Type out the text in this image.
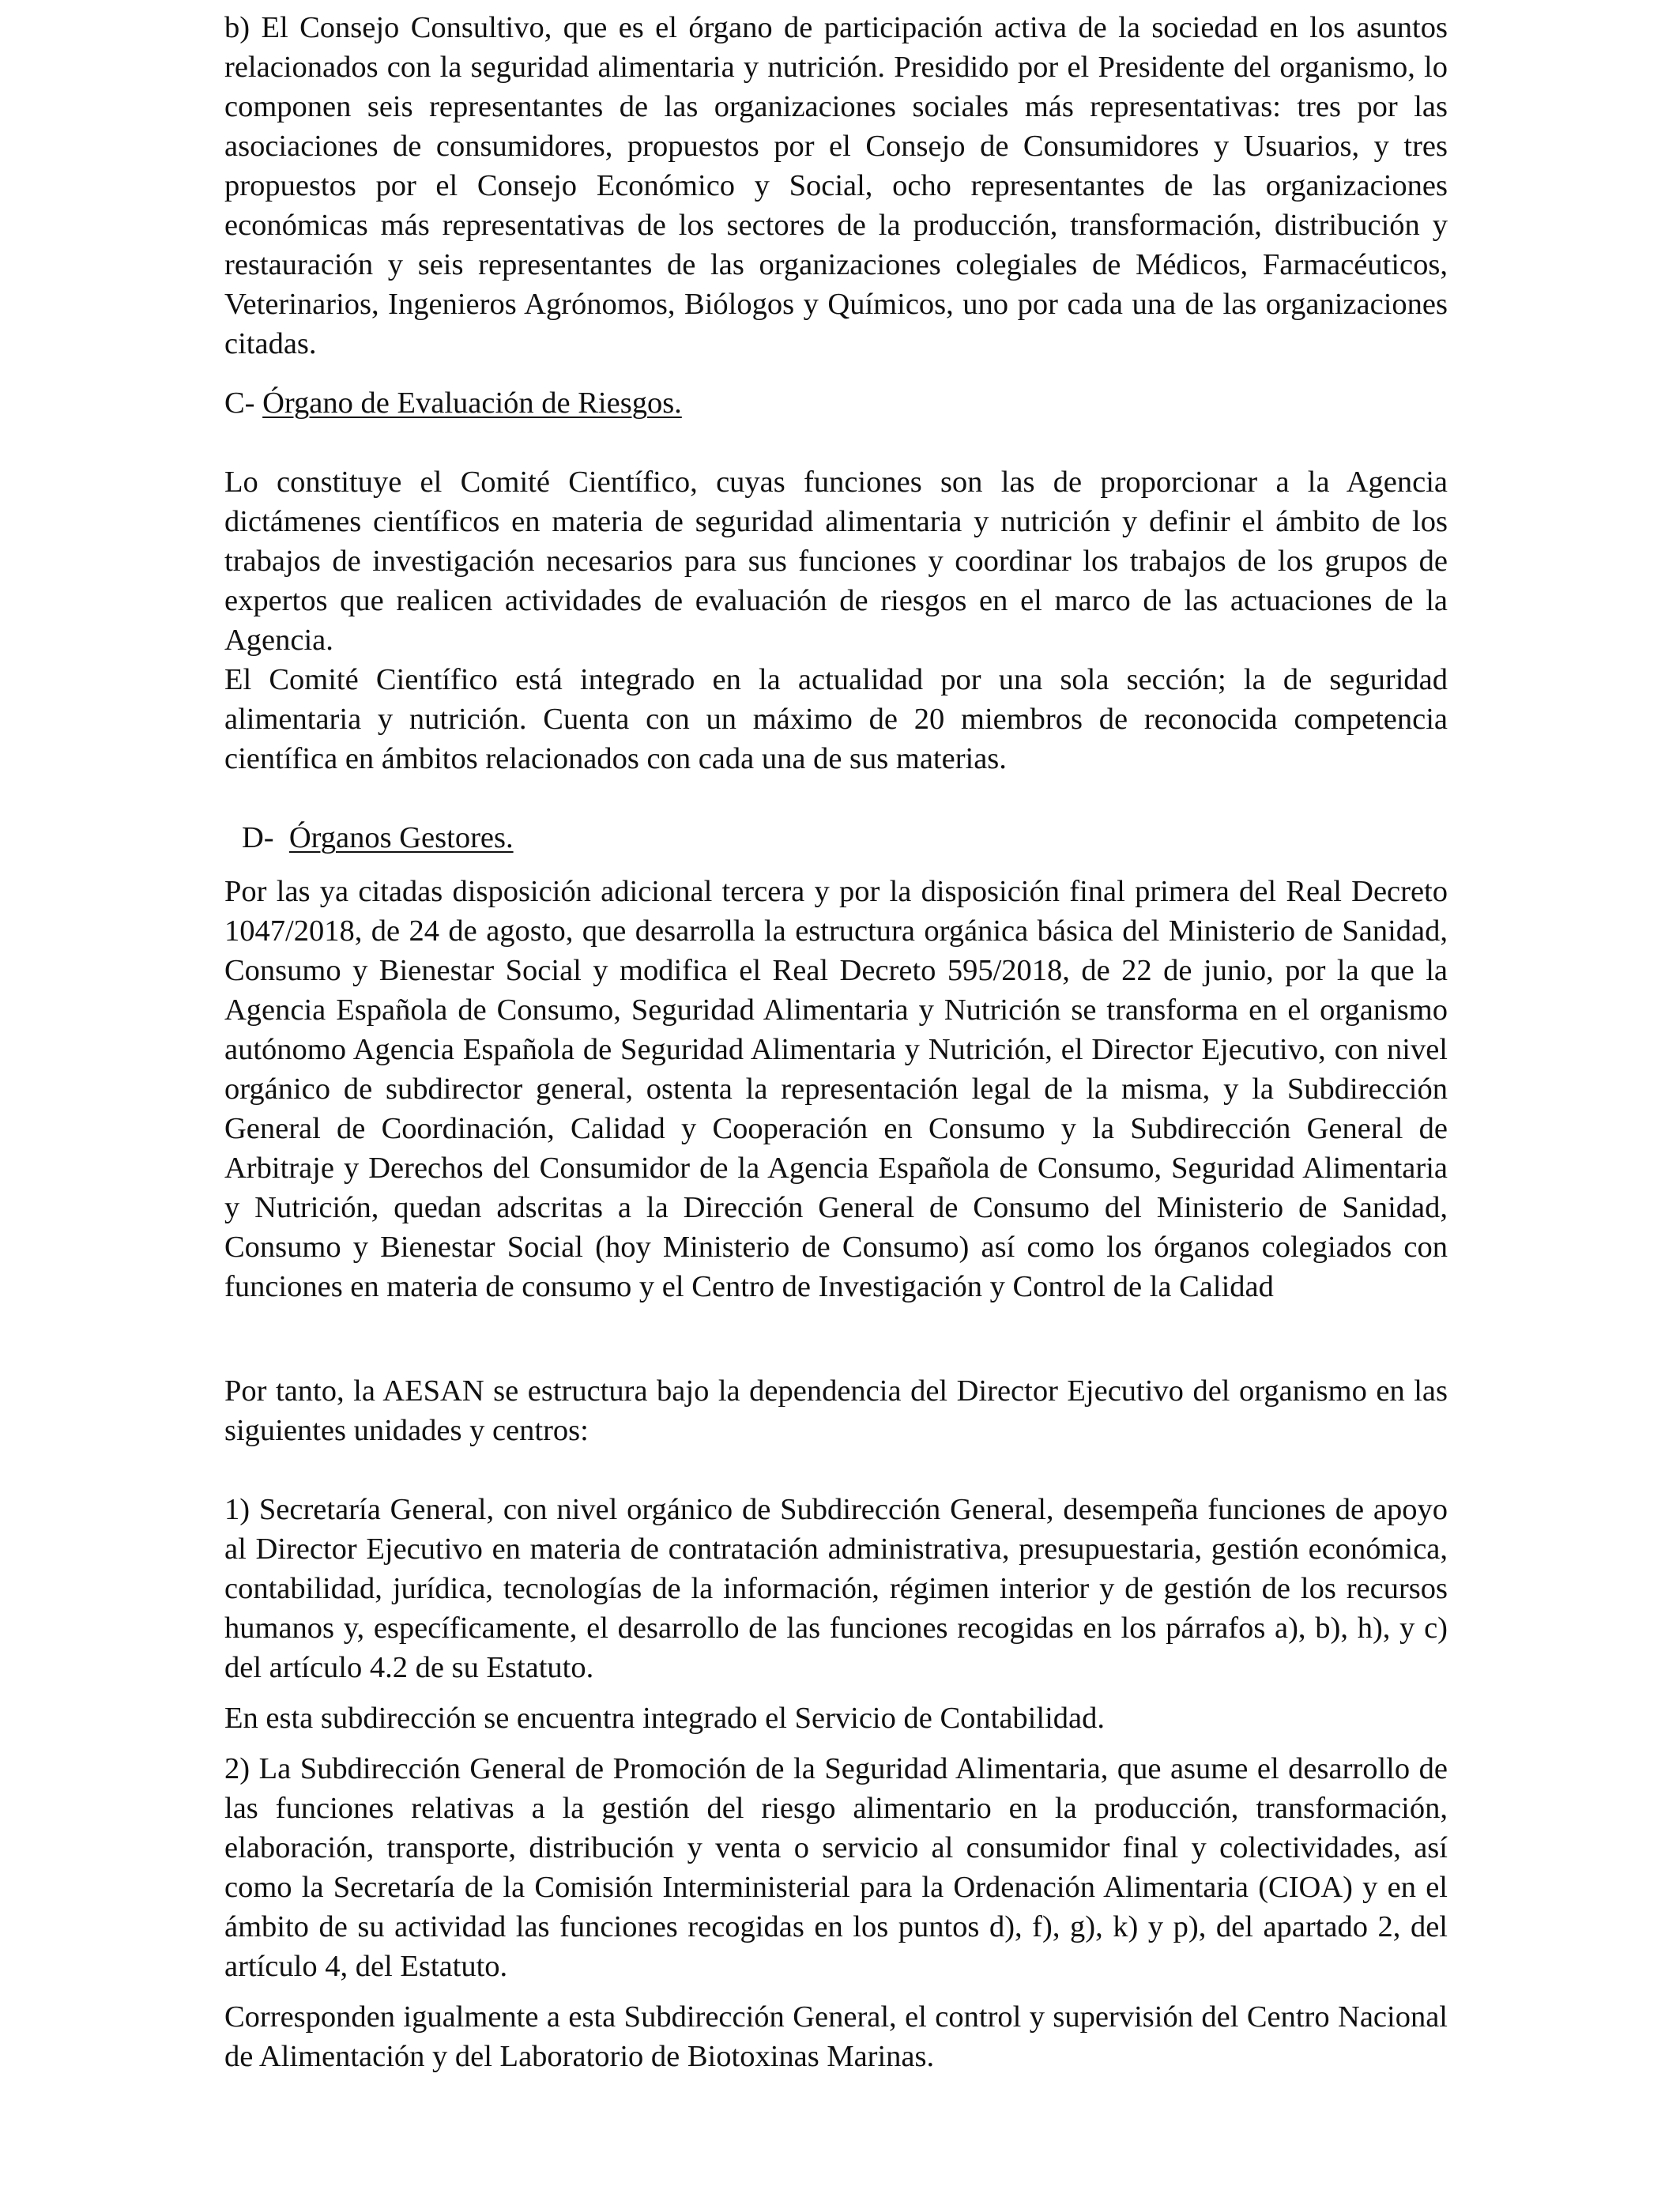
b) El Consejo Consultivo, que es el órgano de participación activa de la sociedad en los asuntos relacionados con la seguridad alimentaria y nutrición. Presidido por el Presidente del organismo, lo componen seis representantes de las organizaciones sociales más representativas: tres por las asociaciones de consumidores, propuestos por el Consejo de Consumidores y Usuarios, y tres propuestos por el Consejo Económico y Social, ocho representantes de las organizaciones económicas más representativas de los sectores de la producción, transformación, distribución y restauración y seis representantes de las organizaciones colegiales de Médicos, Farmacéuticos, Veterinarios, Ingenieros Agrónomos, Biólogos y Químicos, uno por cada una de las organizaciones citadas.

C- Órgano de Evaluación de Riesgos.

Lo constituye el Comité Científico, cuyas funciones son las de proporcionar a la Agencia dictámenes científicos en materia de seguridad alimentaria y nutrición y definir el ámbito de los trabajos de investigación necesarios para sus funciones y coordinar los trabajos de los grupos de expertos que realicen actividades de evaluación de riesgos en el marco de las actuaciones de la Agencia.

El Comité Científico está integrado en la actualidad por una sola sección; la de seguridad alimentaria y nutrición. Cuenta con un máximo de 20 miembros de reconocida competencia científica en ámbitos relacionados con cada una de sus materias.

D- Órganos Gestores.

Por las ya citadas disposición adicional tercera y por la disposición final primera del Real Decreto 1047/2018, de 24 de agosto, que desarrolla la estructura orgánica básica del Ministerio de Sanidad, Consumo y Bienestar Social y modifica el Real Decreto 595/2018, de 22 de junio, por la que la Agencia Española de Consumo, Seguridad Alimentaria y Nutrición se transforma en el organismo autónomo Agencia Española de Seguridad Alimentaria y Nutrición, el Director Ejecutivo, con nivel orgánico de subdirector general, ostenta la representación legal de la misma, y la Subdirección General de Coordinación, Calidad y Cooperación en Consumo y la Subdirección General de Arbitraje y Derechos del Consumidor de la Agencia Española de Consumo, Seguridad Alimentaria y Nutrición, quedan adscritas a la Dirección General de Consumo del Ministerio de Sanidad, Consumo y Bienestar Social (hoy Ministerio de Consumo) así como los órganos colegiados con funciones en materia de consumo y el Centro de Investigación y Control de la Calidad

Por tanto, la AESAN se estructura bajo la dependencia del Director Ejecutivo del organismo en las siguientes unidades y centros:

1) Secretaría General, con nivel orgánico de Subdirección General, desempeña funciones de apoyo al Director Ejecutivo en materia de contratación administrativa, presupuestaria, gestión económica, contabilidad, jurídica, tecnologías de la información, régimen interior y de gestión de los recursos humanos y, específicamente, el desarrollo de las funciones recogidas en los párrafos a), b), h), y c) del artículo 4.2 de su Estatuto.

En esta subdirección se encuentra integrado el Servicio de Contabilidad.

2) La Subdirección General de Promoción de la Seguridad Alimentaria, que asume el desarrollo de las funciones relativas a la gestión del riesgo alimentario en la producción, transformación, elaboración, transporte, distribución y venta o servicio al consumidor final y colectividades, así como la Secretaría de la Comisión Interministerial para la Ordenación Alimentaria (CIOA) y en el ámbito de su actividad las funciones recogidas en los puntos d), f), g), k) y p), del apartado 2, del artículo 4, del Estatuto.

Corresponden igualmente a esta Subdirección General, el control y supervisión del Centro Nacional de Alimentación y del Laboratorio de Biotoxinas Marinas.
